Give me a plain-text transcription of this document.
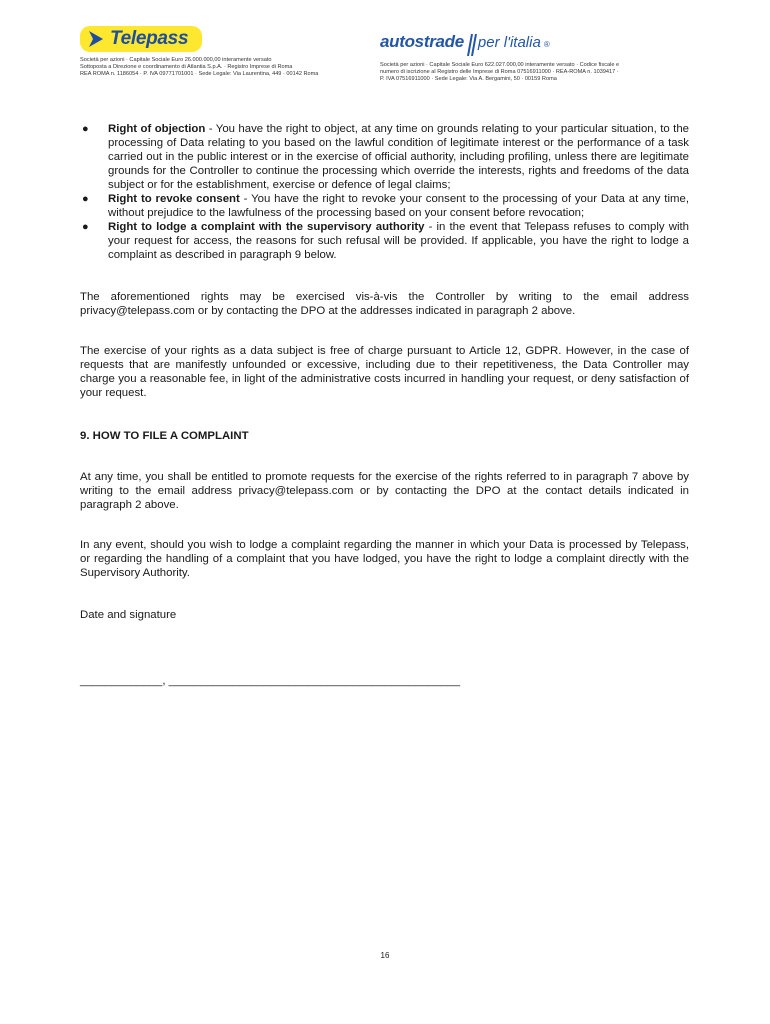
Telepass
Società per azioni · Capitale Sociale Euro 26.000.000,00 interamente versato
Sottoposta a Direzione e coordinamento di Atlantia S.p.A. · Registro Imprese di Roma
REA ROMA n. 1186054 · P. IVA 09771701001 · Sede Legale: Via Laurentina, 449 · 00142 Roma
autostrade per l'italia ®
Società per azioni · Capitale Sociale Euro 622.027.000,00 interamente versato · Codice fiscale e
numero di iscrizione al Registro delle Imprese di Roma 07516911000 · REA-ROMA n. 1039417 ·
P. IVA 07516911000 · Sede Legale: Via A. Bergamini, 50 · 00159 Roma
● Right of objection - You have the right to object, at any time on grounds relating to your particular situation, to the processing of Data relating to you based on the lawful condition of legitimate interest or the performance of a task carried out in the public interest or in the exercise of official authority, including profiling, unless there are legitimate grounds for the Controller to continue the processing which override the interests, rights and freedoms of the data subject or for the establishment, exercise or defence of legal claims;
● Right to revoke consent - You have the right to revoke your consent to the processing of your Data at any time, without prejudice to the lawfulness of the processing based on your consent before revocation;
● Right to lodge a complaint with the supervisory authority - in the event that Telepass refuses to comply with your request for access, the reasons for such refusal will be provided. If applicable, you have the right to lodge a complaint as described in paragraph 9 below.

The aforementioned rights may be exercised vis-à-vis the Controller by writing to the email address privacy@telepass.com or by contacting the DPO at the addresses indicated in paragraph 2 above.

The exercise of your rights as a data subject is free of charge pursuant to Article 12, GDPR. However, in the case of requests that are manifestly unfounded or excessive, including due to their repetitiveness, the Data Controller may charge you a reasonable fee, in light of the administrative costs incurred in handling your request, or deny satisfaction of your request.

9. HOW TO FILE A COMPLAINT

At any time, you shall be entitled to promote requests for the exercise of the rights referred to in paragraph 7 above by writing to the email address privacy@telepass.com or by contacting the DPO at the contact details indicated in paragraph 2 above.

In any event, should you wish to lodge a complaint regarding the manner in which your Data is processed by Telepass, or regarding the handling of a complaint that you have lodged, you have the right to lodge a complaint directly with the Supervisory Authority.

Date and signature

_____________, ______________________________________________

16
